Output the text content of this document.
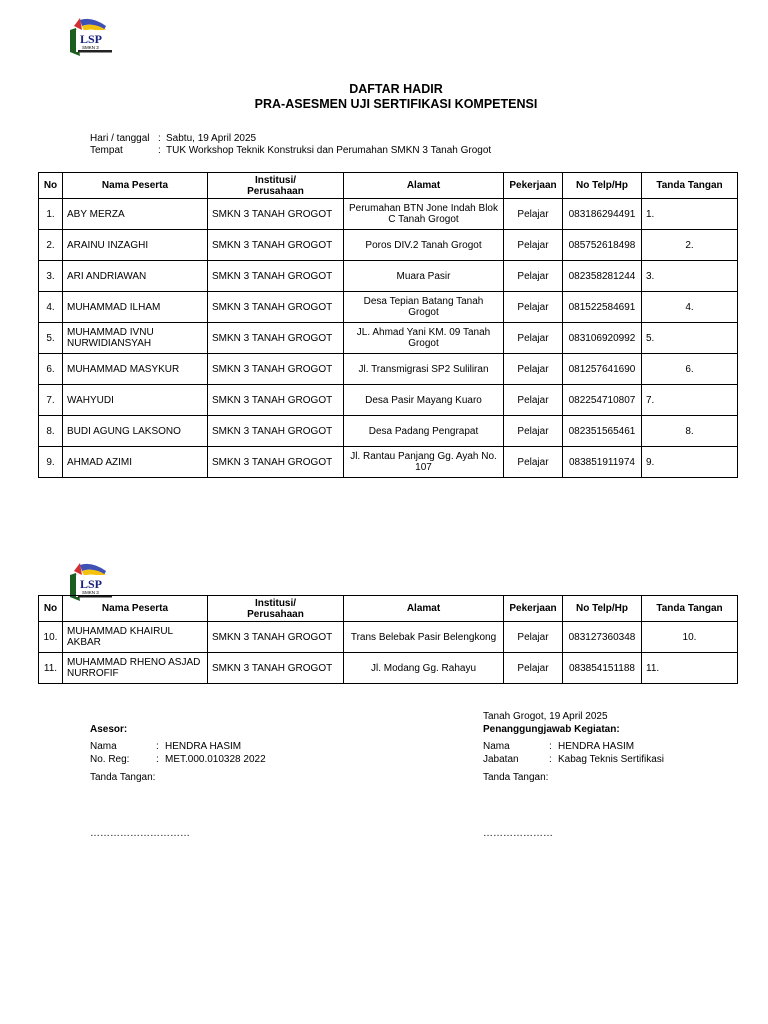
LSP
SMKN 3
DAFTAR HADIR
PRA-ASESMEN UJI SERTIFIKASI KOMPETENSI
Hari / tanggal : Sabtu, 19 April 2025
Tempat	: TUK Workshop Teknik Konstruksi dan Perumahan SMKN 3 Tanah Grogot
No	Nama Peserta	Institusi/
Perusahaan	Alamat	Pekerjaan	No Telp/Hp	Tanda Tangan
1.	ABY MERZA	SMKN 3 TANAH GROGOT	Perumahan BTN Jone Indah Blok C Tanah Grogot	Pelajar	083186294491	1.
2.	ARAINU INZAGHI	SMKN 3 TANAH GROGOT	Poros DIV.2 Tanah Grogot	Pelajar	085752618498	2.
3.	ARI ANDRIAWAN	SMKN 3 TANAH GROGOT	Muara Pasir	Pelajar	082358281244	3.
4.	MUHAMMAD ILHAM	SMKN 3 TANAH GROGOT	Desa Tepian Batang Tanah Grogot	Pelajar	081522584691	4.
5.	MUHAMMAD IVNU NURWIDIANSYAH	SMKN 3 TANAH GROGOT	JL. Ahmad Yani KM. 09 Tanah Grogot	Pelajar	083106920992	5.
6.	MUHAMMAD MASYKUR	SMKN 3 TANAH GROGOT	Jl. Transmigrasi SP2 Suliliran	Pelajar	081257641690	6.
7.	WAHYUDI	SMKN 3 TANAH GROGOT	Desa Pasir Mayang Kuaro	Pelajar	082254710807	7.
8.	BUDI AGUNG LAKSONO	SMKN 3 TANAH GROGOT	Desa Padang Pengrapat	Pelajar	082351565461	8.
9.	AHMAD AZIMI	SMKN 3 TANAH GROGOT	Jl. Rantau Panjang Gg. Ayah No. 107	Pelajar	083851911974	9.
LSP
SMKN 3
No	Nama Peserta	Institusi/
Perusahaan	Alamat	Pekerjaan	No Telp/Hp	Tanda Tangan
10.	MUHAMMAD KHAIRUL AKBAR	SMKN 3 TANAH GROGOT	Trans Belebak Pasir Belengkong	Pelajar	083127360348	10.
11.	MUHAMMAD RHENO ASJAD NURROFIF	SMKN 3 TANAH GROGOT	Jl. Modang Gg. Rahayu	Pelajar	083854151188	11.
Asesor:
Nama	: HENDRA HASIM
No. Reg:	: MET.000.010328 2022
Tanda Tangan:
…………………………
Tanah Grogot, 19 April 2025
Penanggungjawab Kegiatan:
Nama	: HENDRA HASIM
Jabatan	: Kabag Teknis Sertifikasi
Tanda Tangan:
…………………
